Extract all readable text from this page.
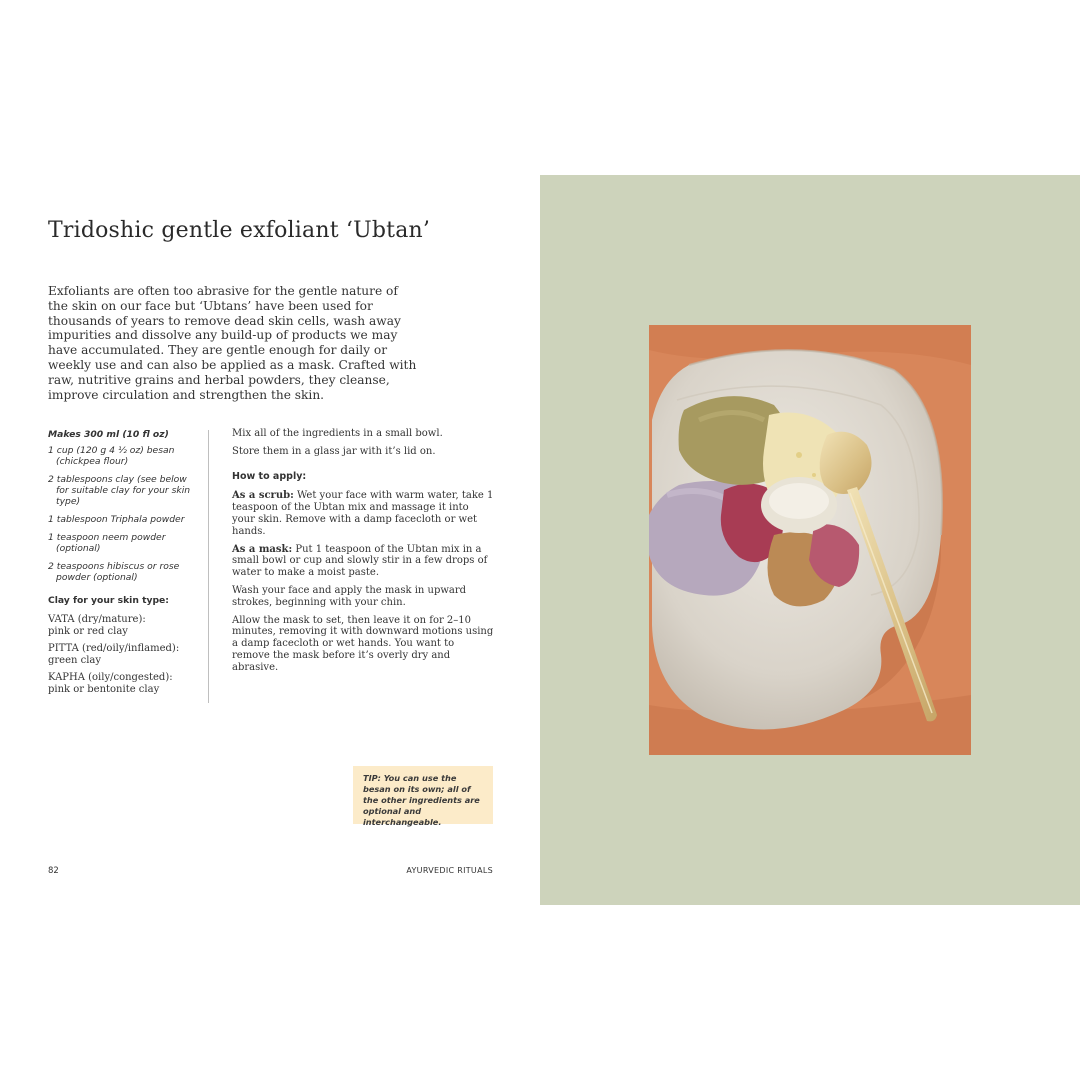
Tridoshic gentle exfoliant ‘Ubtan’
Exfoliants are often too abrasive for the gentle nature of the skin on our face but ‘Ubtans’ have been used for thousands of years to remove dead skin cells, wash away impurities and dissolve any build-up of products we may have accumulated. They are gentle enough for daily or weekly use and can also be applied as a mask. Crafted with raw, nutritive grains and herbal powders, they cleanse, improve circulation and strengthen the skin.
Makes 300 ml (10 fl oz)
1 cup (120 g 4 ½ oz) besan (chickpea flour)
2 tablespoons clay (see below for suitable clay for your skin type)
1 tablespoon Triphala powder
1 teaspoon neem powder (optional)
2 teaspoons hibiscus or rose powder (optional)
Clay for your skin type:
VATA (dry/mature):
pink or red clay
PITTA (red/oily/inflamed):
green clay
KAPHA (oily/congested):
pink or bentonite clay

Mix all of the ingredients in a small bowl.

Store them in a glass jar with it’s lid on.

How to apply:

As a scrub: Wet your face with warm water, take 1 teaspoon of the Ubtan mix and massage it into your skin. Remove with a damp facecloth or wet hands.

As a mask: Put 1 teaspoon of the Ubtan mix in a small bowl or cup and slowly stir in a few drops of water to make a moist paste.

Wash your face and apply the mask in upward strokes, beginning with your chin.

Allow the mask to set, then leave it on for 2–10 minutes, removing it with downward motions using a damp facecloth or wet hands. You want to remove the mask before it’s overly dry and abrasive.

TIP: You can use the besan on its own; all of the other ingredients are optional and interchangeable.
82	AYURVEDIC RITUALS
